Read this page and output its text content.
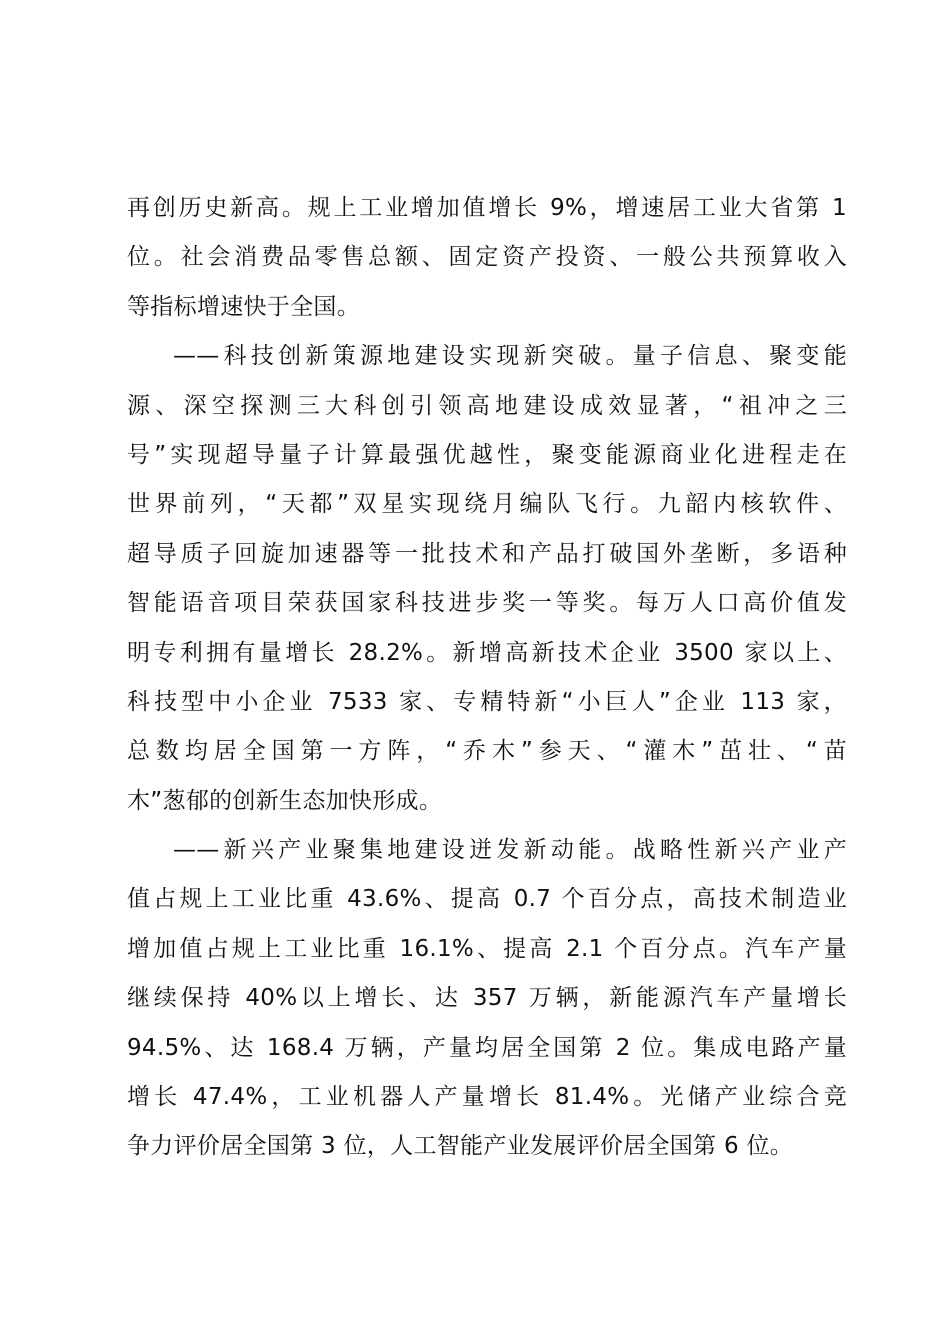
再创历史新高。规上工业增加值增长 9%，增速居工业大省第 1
位。社会消费品零售总额、固定资产投资、一般公共预算收入
等指标增速快于全国。
——科技创新策源地建设实现新突破。量子信息、聚变能
源、深空探测三大科创引领高地建设成效显著，“祖冲之三
号”实现超导量子计算最强优越性，聚变能源商业化进程走在
世界前列，“天都”双星实现绕月编队飞行。九韶内核软件、
超导质子回旋加速器等一批技术和产品打破国外垄断，多语种
智能语音项目荣获国家科技进步奖一等奖。每万人口高价值发
明专利拥有量增长 28.2%。新增高新技术企业 3500 家以上、
科技型中小企业 7533 家、专精特新“小巨人”企业 113 家，
总数均居全国第一方阵，“乔木”参天、“灌木”茁壮、“苗
木”葱郁的创新生态加快形成。
——新兴产业聚集地建设迸发新动能。战略性新兴产业产
值占规上工业比重 43.6%、提高 0.7 个百分点，高技术制造业
增加值占规上工业比重 16.1%、提高 2.1 个百分点。汽车产量
继续保持 40%以上增长、达 357 万辆，新能源汽车产量增长
94.5%、达 168.4 万辆，产量均居全国第 2 位。集成电路产量
增长 47.4%，工业机器人产量增长 81.4%。光储产业综合竞
争力评价居全国第 3 位，人工智能产业发展评价居全国第 6 位。
